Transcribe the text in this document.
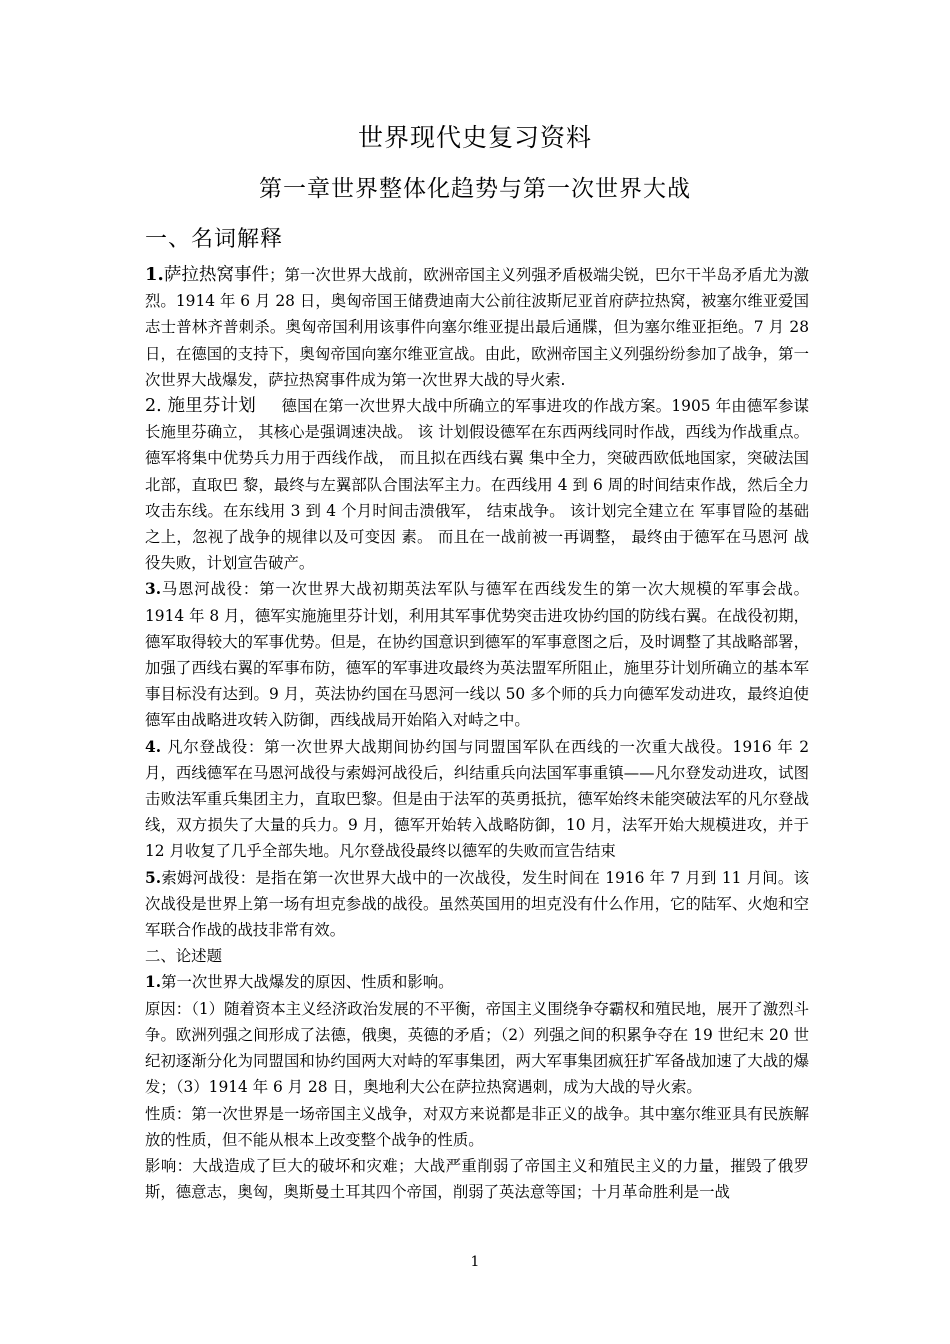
世界现代史复习资料
第一章世界整体化趋势与第一次世界大战
一、名词解释

1.萨拉热窝事件；第一次世界大战前，欧洲帝国主义列强矛盾极端尖锐，巴尔干半岛矛盾尤为激烈。1914 年 6 月 28 日，奥匈帝国王储费迪南大公前往波斯尼亚首府萨拉热窝，被塞尔维亚爱国志士普林齐普刺杀。奥匈帝国利用该事件向塞尔维亚提出最后通牒，但为塞尔维亚拒绝。7 月 28 日，在德国的支持下，奥匈帝国向塞尔维亚宣战。由此，欧洲帝国主义列强纷纷参加了战争，第一次世界大战爆发，萨拉热窝事件成为第一次世界大战的导火索.

2. 施里芬计划 德国在第一次世界大战中所确立的军事进攻的作战方案。1905 年由德军参谋长施里芬确立， 其核心是强调速决战。 该 计划假设德军在东西两线同时作战，西线为作战重点。 德军将集中优势兵力用于西线作战， 而且拟在西线右翼 集中全力，突破西欧低地国家，突破法国北部，直取巴 黎，最终与左翼部队合围法军主力。在西线用 4 到 6 周的时间结束作战，然后全力攻击东线。在东线用 3 到 4 个月时间击溃俄军， 结束战争。 该计划完全建立在 军事冒险的基础之上，忽视了战争的规律以及可变因 素。 而且在一战前被一再调整， 最终由于德军在马恩河 战役失败，计划宣告破产。

3.马恩河战役：第一次世界大战初期英法军队与德军在西线发生的第一次大规模的军事会战。1914 年 8 月，德军实施施里芬计划，利用其军事优势突击进攻协约国的防线右翼。在战役初期，德军取得较大的军事优势。但是，在协约国意识到德军的军事意图之后，及时调整了其战略部署，加强了西线右翼的军事布防，德军的军事进攻最终为英法盟军所阻止，施里芬计划所确立的基本军事目标没有达到。9 月，英法协约国在马恩河一线以 50 多个师的兵力向德军发动进攻，最终迫使德军由战略进攻转入防御，西线战局开始陷入对峙之中。

4. 凡尔登战役：第一次世界大战期间协约国与同盟国军队在西线的一次重大战役。1916 年 2 月，西线德军在马恩河战役与索姆河战役后，纠结重兵向法国军事重镇——凡尔登发动进攻，试图击败法军重兵集团主力，直取巴黎。但是由于法军的英勇抵抗，德军始终未能突破法军的凡尔登战线，双方损失了大量的兵力。9 月，德军开始转入战略防御，10 月，法军开始大规模进攻，并于 12 月收复了几乎全部失地。凡尔登战役最终以德军的失败而宣告结束

5.索姆河战役：是指在第一次世界大战中的一次战役，发生时间在 1916 年 7 月到 11 月间。该次战役是世界上第一场有坦克参战的战役。虽然英国用的坦克没有什么作用，它的陆军、火炮和空军联合作战的战技非常有效。

二、论述题

1.第一次世界大战爆发的原因、性质和影响。

原因：（1）随着资本主义经济政治发展的不平衡，帝国主义围绕争夺霸权和殖民地，展开了激烈斗争。欧洲列强之间形成了法德，俄奥，英德的矛盾；（2）列强之间的积累争夺在 19 世纪末 20 世纪初逐渐分化为同盟国和协约国两大对峙的军事集团，两大军事集团疯狂扩军备战加速了大战的爆发；（3）1914 年 6 月 28 日，奥地利大公在萨拉热窝遇刺，成为大战的导火索。

性质：第一次世界是一场帝国主义战争，对双方来说都是非正义的战争。其中塞尔维亚具有民族解放的性质，但不能从根本上改变整个战争的性质。

影响：大战造成了巨大的破坏和灾难；大战严重削弱了帝国主义和殖民主义的力量，摧毁了俄罗斯，德意志，奥匈，奥斯曼土耳其四个帝国，削弱了英法意等国；十月革命胜利是一战

1
